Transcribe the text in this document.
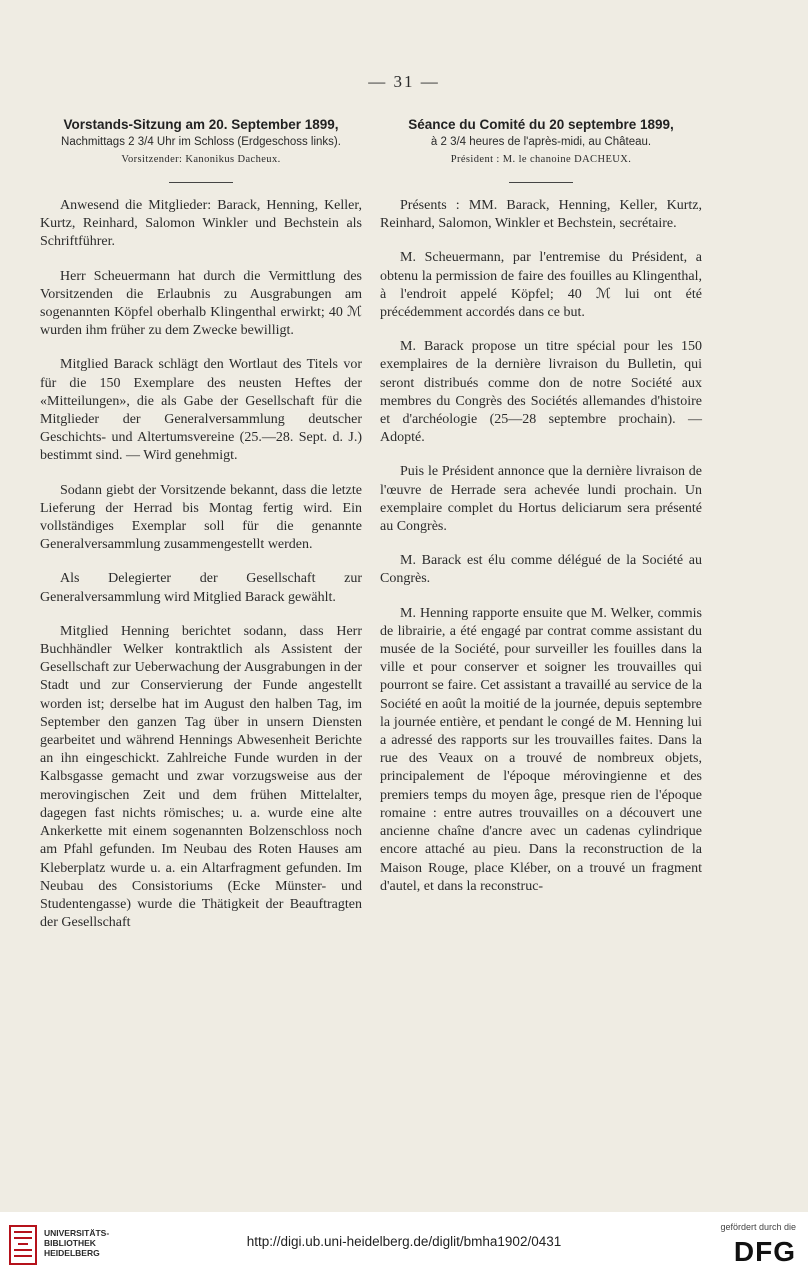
— 31 —
Vorstands-Sitzung am 20. September 1899,
Nachmittags 2 3/4 Uhr im Schloss (Erdgeschoss links).
Vorsitzender: Kanonikus Dacheux.

Anwesend die Mitglieder: Barack, Henning, Keller, Kurtz, Reinhard, Salomon Winkler und Bechstein als Schriftführer.

Herr Scheuermann hat durch die Vermittlung des Vorsitzenden die Erlaubnis zu Ausgrabungen am sogenannten Köpfel oberhalb Klingenthal erwirkt; 40 ℳ wurden ihm früher zu dem Zwecke bewilligt.

Mitglied Barack schlägt den Wortlaut des Titels vor für die 150 Exemplare des neusten Heftes der «Mitteilungen», die als Gabe der Gesellschaft für die Mitglieder der Generalversammlung deutscher Geschichts- und Altertumsvereine (25.—28. Sept. d. J.) bestimmt sind. — Wird genehmigt.

Sodann giebt der Vorsitzende bekannt, dass die letzte Lieferung der Herrad bis Montag fertig wird. Ein vollständiges Exemplar soll für die genannte Generalversammlung zusammengestellt werden.

Als Delegierter der Gesellschaft zur Generalversammlung wird Mitglied Barack gewählt.

Mitglied Henning berichtet sodann, dass Herr Buchhändler Welker kontraktlich als Assistent der Gesellschaft zur Ueberwachung der Ausgrabungen in der Stadt und zur Conservierung der Funde angestellt worden ist; derselbe hat im August den halben Tag, im September den ganzen Tag über in unsern Diensten gearbeitet und während Hennings Abwesenheit Berichte an ihn eingeschickt. Zahlreiche Funde wurden in der Kalbsgasse gemacht und zwar vorzugsweise aus der merovingischen Zeit und dem frühen Mittelalter, dagegen fast nichts römisches; u. a. wurde eine alte Ankerkette mit einem sogenannten Bolzenschloss noch am Pfahl gefunden. Im Neubau des Roten Hauses am Kleberplatz wurde u. a. ein Altarfragment gefunden. Im Neubau des Consistoriums (Ecke Münster- und Studentengasse) wurde die Thätigkeit der Beauftragten der Gesellschaft

Séance du Comité du 20 septembre 1899,
à 2 3/4 heures de l'après-midi, au Château.
Président : M. le chanoine DACHEUX.

Présents : MM. Barack, Henning, Keller, Kurtz, Reinhard, Salomon, Winkler et Bechstein, secrétaire.

M. Scheuermann, par l'entremise du Président, a obtenu la permission de faire des fouilles au Klingenthal, à l'endroit appelé Köpfel; 40 ℳ lui ont été précédemment accordés dans ce but.

M. Barack propose un titre spécial pour les 150 exemplaires de la dernière livraison du Bulletin, qui seront distribués comme don de notre Société aux membres du Congrès des Sociétés allemandes d'histoire et d'archéologie (25—28 septembre prochain). — Adopté.

Puis le Président annonce que la dernière livraison de l'œuvre de Herrade sera achevée lundi prochain. Un exemplaire complet du Hortus deliciarum sera présenté au Congrès.

M. Barack est élu comme délégué de la Société au Congrès.

M. Henning rapporte ensuite que M. Welker, commis de librairie, a été engagé par contrat comme assistant du musée de la Société, pour surveiller les fouilles dans la ville et pour conserver et soigner les trouvailles qui pourront se faire. Cet assistant a travaillé au service de la Société en août la moitié de la journée, depuis septembre la journée entière, et pendant le congé de M. Henning lui a adressé des rapports sur les trouvailles faites. Dans la rue des Veaux on a trouvé de nombreux objets, principalement de l'époque mérovingienne et des premiers temps du moyen âge, presque rien de l'époque romaine : entre autres trouvailles on a découvert une ancienne chaîne d'ancre avec un cadenas cylindrique encore attaché au pieu. Dans la reconstruction de la Maison Rouge, place Kléber, on a trouvé un fragment d'autel, et dans la reconstruc-

UNIVERSITÄTS-
BIBLIOTHEK
HEIDELBERG
http://digi.ub.uni-heidelberg.de/diglit/bmha1902/0431
gefördert durch die
DFG
